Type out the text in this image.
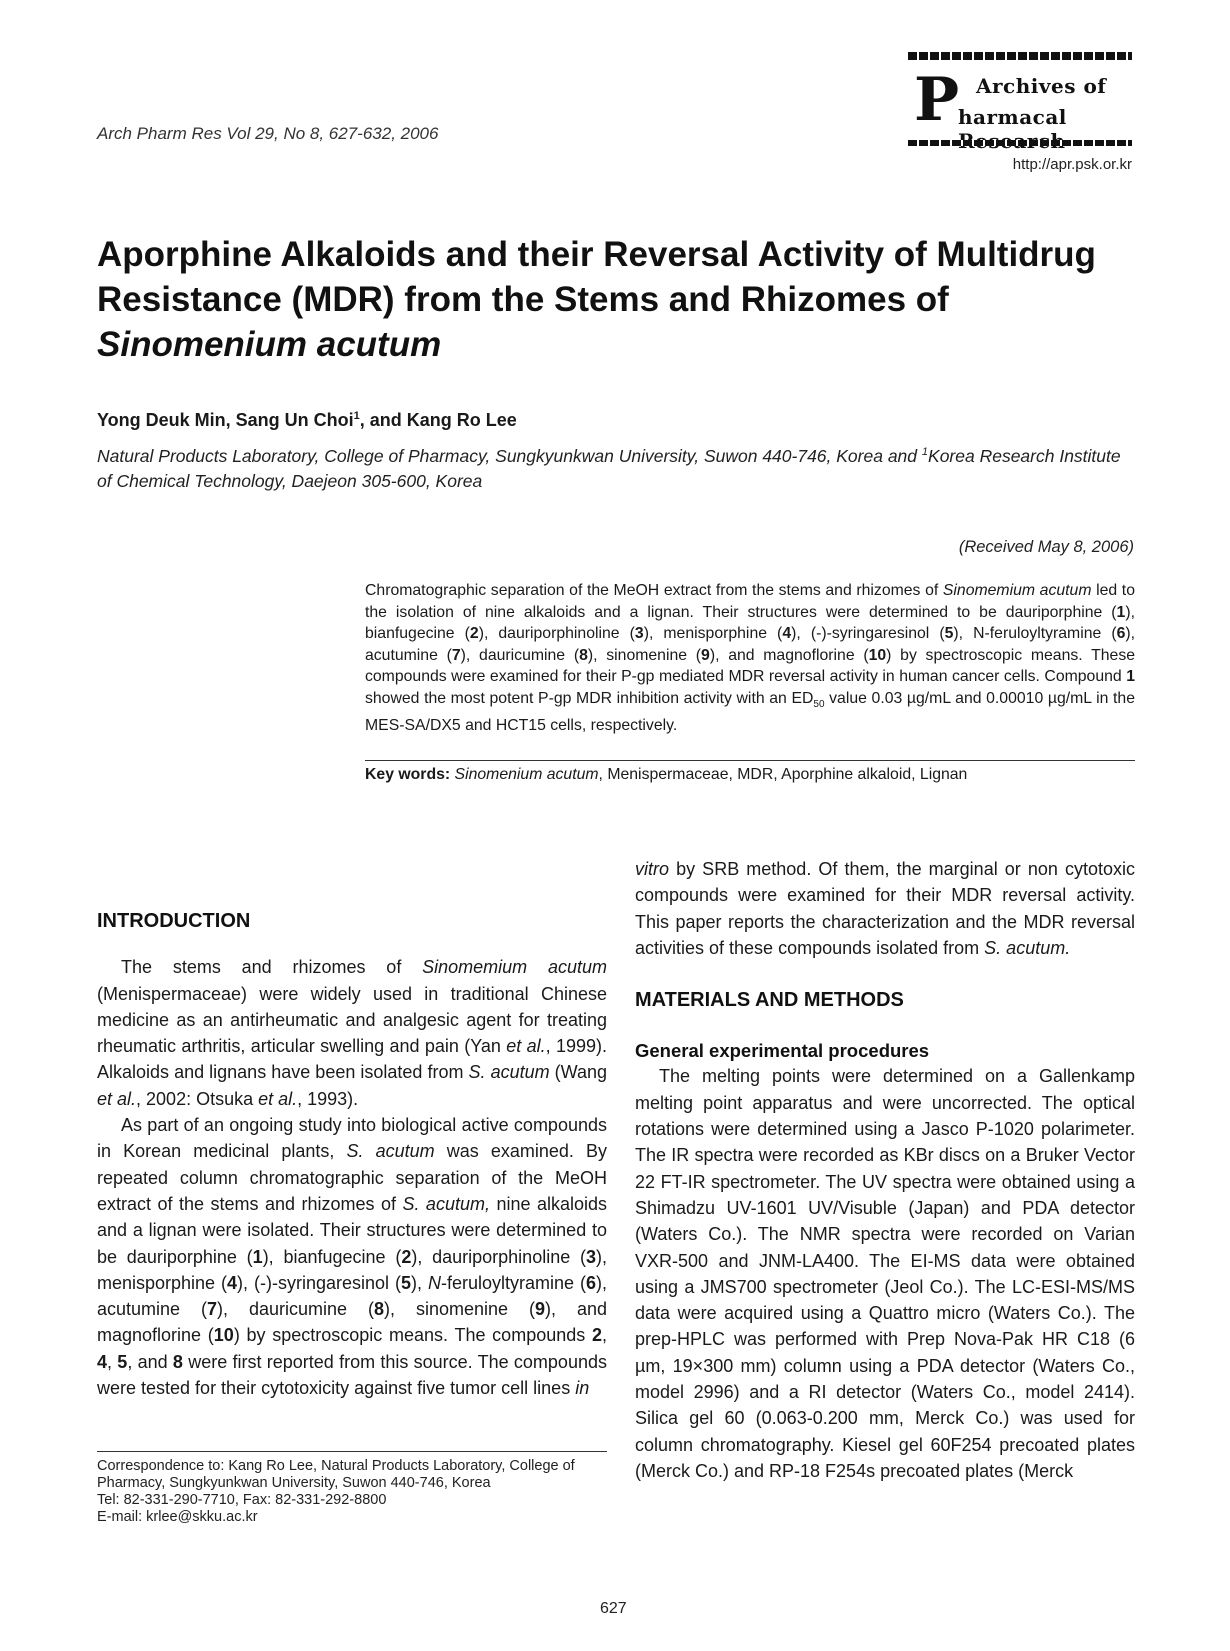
Arch Pharm Res Vol 29, No 8, 627-632, 2006	P Archives of
harmacal
http://apr.psk.or.kr
Aporphine Alkaloids and their Reversal Activity of Multidrug Resistance (MDR) from the Stems and Rhizomes of Sinomenium acutum
Yong Deuk Min, Sang Un Choi$^1$, and Kang Ro Lee
Natural Products Laboratory, College of Pharmacy, Sungkyunkwan University, Suwon 440-746, Korea and $^1$Korea Research Institute of Chemical Technology, Daejeon 305-600, Korea
(Received May 8, 2006)
Chromatographic separation of the MeOH extract from the stems and rhizomes of Sinomemium acutum led to the isolation of nine alkaloids and a lignan. Their structures were determined to be dauriporphine (1), bianfugecine (2), dauriporphinoline (3), menisporphine (4), (-)-syringaresinol (5), N-feruloyltyramine (6), acutumine (7), dauricumine (8), sinomenine (9), and magnoflorine (10) by spectroscopic means. These compounds were examined for their P-gp mediated MDR reversal activity in human cancer cells. Compound 1 showed the most potent P-gp MDR inhibition activity with an $ED_{50}$ value 0.03 µg/mL and 0.00010 µg/mL in the MES-SA/DX5 and HCT15 cells, respectively.
Key words: Sinomenium acutum, Menispermaceae, MDR, Aporphine alkaloid, Lignan
INTRODUCTION

The stems and rhizomes of Sinomemium acutum (Menispermaceae) were widely used in traditional Chinese medicine as an antirheumatic and analgesic agent for treating rheumatic arthritis, articular swelling and pain (Yan et al., 1999). Alkaloids and lignans have been isolated from S. acutum (Wang et al., 2002: Otsuka et al., 1993).

As part of an ongoing study into biological active compounds in Korean medicinal plants, S. acutum was examined. By repeated column chromatographic separation of the MeOH extract of the stems and rhizomes of S. acutum, nine alkaloids and a lignan were isolated. Their structures were determined to be dauriporphine (1), bianfugecine (2), dauriporphinoline (3), menisporphine (4), (-)-syringaresinol (5), N-feruloyltyramine (6), acutumine (7), dauricumine (8), sinomenine (9), and magnoflorine (10) by spectroscopic means. The compounds 2, 4, 5, and 8 were first reported from this source. The compounds were tested for their cytotoxicity against five tumor cell lines in

Correspondence to: Kang Ro Lee, Natural Products Laboratory, College of Pharmacy, Sungkyunkwan University, Suwon 440-746, Korea
Tel: 82-331-290-7710, Fax: 82-331-292-8800
E-mail: krlee@skku.ac.kr

vitro by SRB method. Of them, the marginal or non cytotoxic compounds were examined for their MDR reversal activity. This paper reports the characterization and the MDR reversal activities of these compounds isolated from S. acutum.

MATERIALS AND METHODS
General experimental procedures

The melting points were determined on a Gallenkamp melting point apparatus and were uncorrected. The optical rotations were determined using a Jasco P-1020 polarimeter. The IR spectra were recorded as KBr discs on a Bruker Vector 22 FT-IR spectrometer. The UV spectra were obtained using a Shimadzu UV-1601 UV/Visuble (Japan) and PDA detector (Waters Co.). The NMR spectra were recorded on Varian VXR-500 and JNM-LA400. The EI-MS data were obtained using a JMS700 spectrometer (Jeol Co.). The LC-ESI-MS/MS data were acquired using a Quattro micro (Waters Co.). The prep-HPLC was performed with Prep Nova-Pak HR C18 (6 µm, 19×300 mm) column using a PDA detector (Waters Co., model 2996) and a RI detector (Waters Co., model 2414). Silica gel 60 (0.063-0.200 mm, Merck Co.) was used for column chromatography. Kiesel gel 60F254 precoated plates (Merck Co.) and RP-18 F254s precoated plates (Merck

627
